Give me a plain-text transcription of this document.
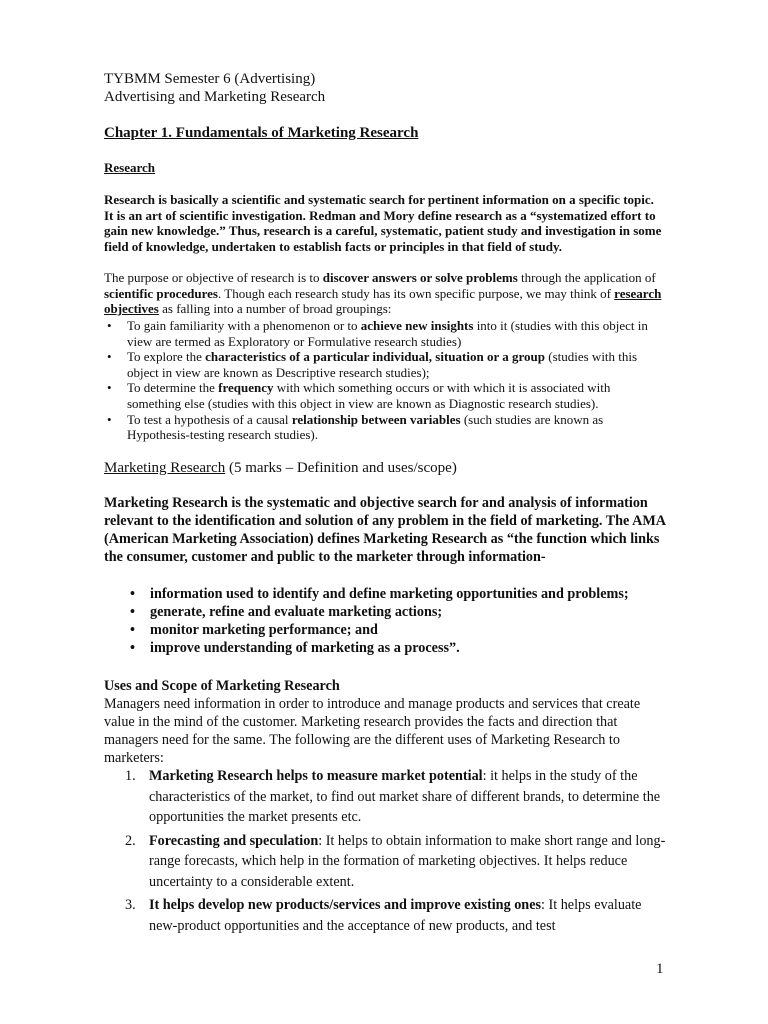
TYBMM Semester 6 (Advertising)
Advertising and Marketing Research
Chapter 1. Fundamentals of Marketing Research
Research

Research is basically a scientific and systematic search for pertinent information on a specific topic. It is an art of scientific investigation. Redman and Mory define research as a “systematized effort to gain new knowledge.” Thus, research is a careful, systematic, patient study and investigation in some field of knowledge, undertaken to establish facts or principles in that field of study.

The purpose or objective of research is to discover answers or solve problems through the application of scientific procedures. Though each research study has its own specific purpose, we may think of research objectives as falling into a number of broad groupings:

• To gain familiarity with a phenomenon or to achieve new insights into it (studies with this object in view are termed as Exploratory or Formulative research studies)
• To explore the characteristics of a particular individual, situation or a group (studies with this object in view are known as Descriptive research studies);
• To determine the frequency with which something occurs or with which it is associated with something else (studies with this object in view are known as Diagnostic research studies).
• To test a hypothesis of a causal relationship between variables (such studies are known as Hypothesis-testing research studies).
Marketing Research (5 marks – Definition and uses/scope)

Marketing Research is the systematic and objective search for and analysis of information relevant to the identification and solution of any problem in the field of marketing. The AMA (American Marketing Association) defines Marketing Research as “the function which links the consumer, customer and public to the marketer through information-

• information used to identify and define marketing opportunities and problems;
• generate, refine and evaluate marketing actions;
• monitor marketing performance; and
• improve understanding of marketing as a process”.
Uses and Scope of Marketing Research

Managers need information in order to introduce and manage products and services that create value in the mind of the customer. Marketing research provides the facts and direction that managers need for the same. The following are the different uses of Marketing Research to marketers:

1. Marketing Research helps to measure market potential: it helps in the study of the characteristics of the market, to find out market share of different brands, to determine the opportunities the market presents etc.
2. Forecasting and speculation: It helps to obtain information to make short range and long-range forecasts, which help in the formation of marketing objectives. It helps reduce uncertainty to a considerable extent.
3. It helps develop new products/services and improve existing ones: It helps evaluate new-product opportunities and the acceptance of new products, and test
1
